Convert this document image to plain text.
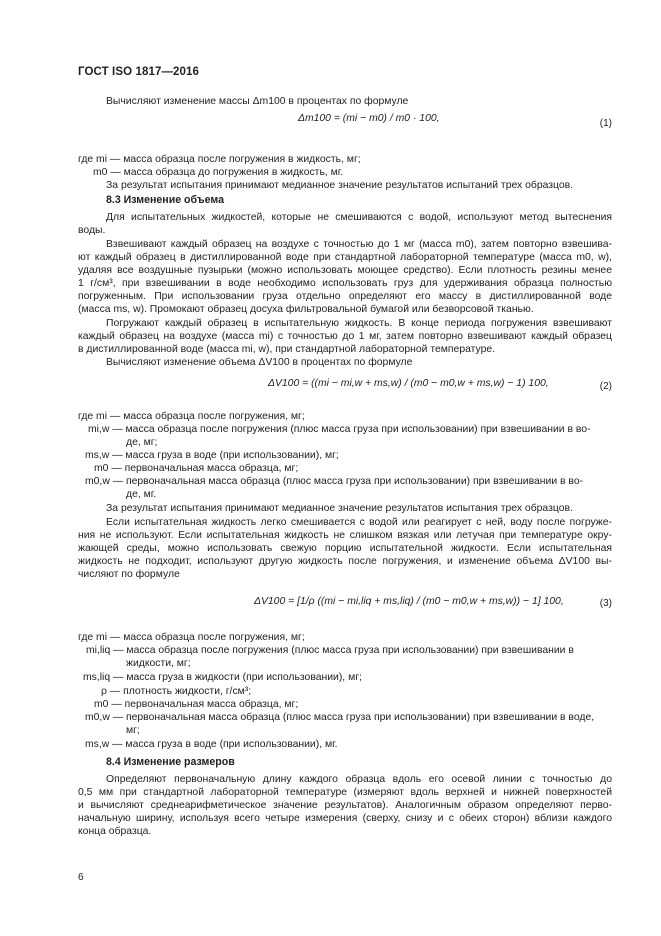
ГОСТ ISO 1817—2016
Вычисляют изменение массы Δm100 в процентах по формуле
Δm100 = (mi − m0) / m0 · 100,	(1)
где mi — масса образца после погружения в жидкость, мг;
m0 — масса образца до погружения в жидкость, мг.
За результат испытания принимают медианное значение результатов испытаний трех образцов.
8.3 Изменение объема
Для испытательных жидкостей, которые не смешиваются с водой, используют метод вытеснения
воды.
Взвешивают каждый образец на воздухе с точностью до 1 мг (масса m0), затем повторно взвешива-
ют каждый образец в дистиллированной воде при стандартной лабораторной температуре (масса m0, w),
удаляя все воздушные пузырьки (можно использовать моющее средство). Если плотность резины менее
1 г/см³, при взвешивании в воде необходимо использовать груз для удерживания образца полностью
погруженным. При использовании груза отдельно определяют его массу в дистиллированной воде
(масса ms, w). Промокают образец досуха фильтровальной бумагой или безворсовой тканью.
Погружают каждый образец в испытательную жидкость. В конце периода погружения взвешивают
каждый образец на воздухе (масса mi) с точностью до 1 мг, затем повторно взвешивают каждый образец
в дистиллированной воде (масса mi, w), при стандартной лабораторной температуре.
Вычисляют изменение объема ΔV100 в процентах по формуле
ΔV100 = ((mi − mi,w + ms,w) / (m0 − m0,w + ms,w) − 1) 100,	(2)
где mi — масса образца после погружения, мг;
mi,w — масса образца после погружения (плюс масса груза при использовании) при взвешивании в во-
де, мг;
ms,w — масса груза в воде (при использовании), мг;
m0 — первоначальная масса образца, мг;
m0,w — первоначальная масса образца (плюс масса груза при использовании) при взвешивании в во-
де, мг.
За результат испытания принимают медианное значение результатов испытания трех образцов.
Если испытательная жидкость легко смешивается с водой или реагирует с ней, воду после погруже-
ния не используют. Если испытательная жидкость не слишком вязкая или летучая при температуре окру-
жающей среды, можно использовать свежую порцию испытательной жидкости. Если испытательная
жидкость не подходит, используют другую жидкость после погружения, и изменение объема ΔV100 вы-
числяют по формуле
ΔV100 = [1/ρ ((mi − mi,liq + ms,liq) / (m0 − m0,w + ms,w)) − 1] 100,	(3)
где mi — масса образца после погружения, мг;
mi,liq — масса образца после погружения (плюс масса груза при использовании) при взвешивании в
жидкости, мг;
ms,liq — масса груза в жидкости (при использовании), мг;
ρ — плотность жидкости, г/см³;
m0 — первоначальная масса образца, мг;
m0,w — первоначальная масса образца (плюс масса груза при использовании) при взвешивании в воде,
мг;
ms,w — масса груза в воде (при использовании), мг.
8.4 Изменение размеров
Определяют первоначальную длину каждого образца вдоль его осевой линии с точностью до
0,5 мм при стандартной лабораторной температуре (измеряют вдоль верхней и нижней поверхностей
и вычисляют среднеарифметическое значение результатов). Аналогичным образом определяют перво-
начальную ширину, используя всего четыре измерения (сверху, снизу и с обеих сторон) вблизи каждого
конца образца.
6
